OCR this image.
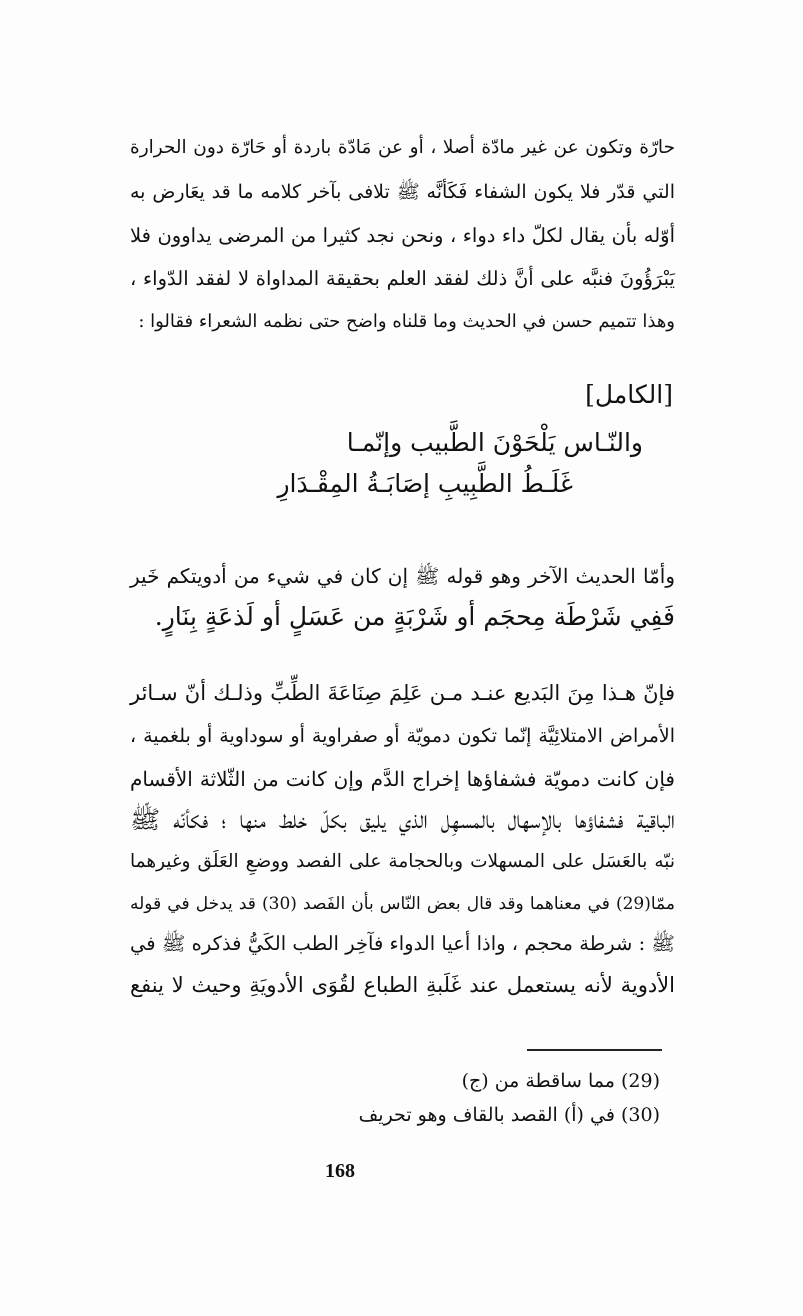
حارّة وتكون عن غير مادّة أصلا ، أو عن مَادّة باردة أو حَارّة دون الحرارة
التي قدّر فلا يكون الشفاء فَكَأنَّه ﷺ تلافى بآخر كلامه ما قد يعَارض به
أوّله بأن يقال لكلّ داء دواء ، ونحن نجد كثيرا من المرضى يداوون فلا
يَبْرَؤُونَ فنبَّه على أنَّ ذلك لفقد العلم بحقيقة المداواة لا لفقد الدّواء ،
وهذا تتميم حسن في الحديث وما قلناه واضح حتى نظمه الشعراء فقالوا :
[الكامل]
والنّـاس يَلْحَوْنَ الطَّبيب وإنّمـا
غَلَـطُ الطَّبِيبِ إصَابَـةُ المِقْـدَارِ
وأمّا الحديث الآخر وهو قوله ﷺ إن كان في شيء من أدويتكم خَير
فَفِي شَرْطَة مِحجَم أو شَرْبَةٍ من عَسَلٍ أو لَذعَةٍ بِنَارٍ.
فإنّ هـذا مِنَ البَديع عنـد مـن عَلِمَ صِنَاعَةَ الطِّبِّ وذلـك أنّ سـائر
الأمراض الامتلائِيَّة إنّما تكون دمويّة أو صفراوية أو سوداوية أو بلغمية ،
فإن كانت دمويّة فشفاؤها إخراج الدَّم وإن كانت من الثّلاثة الأقسام
الباقية فشفاؤها بالإسهال بالمسهِل الذي يليق بكلّ خلط منها ؛ فكأنّه ﷺ
نبّه بالعَسَل على المسهلات وبالحجامة على الفصد ووضعِ العَلَق وغيرهما
ممّا(29) في معناهما وقد قال بعض النّاس بأن الفَصد (30) قد يدخل في قوله
ﷺ : شرطة محجم ، واذا أعيا الدواء فآخِر الطب الكَيُّ فذكره ﷺ في
الأدوية لأنه يستعمل عند غَلَبةِ الطباع لقُوَى الأدويَةِ وحيث لا ينفع
(29) مما ساقطة من (ج)
(30) في (أ) القصد بالقاف وهو تحريف
168
